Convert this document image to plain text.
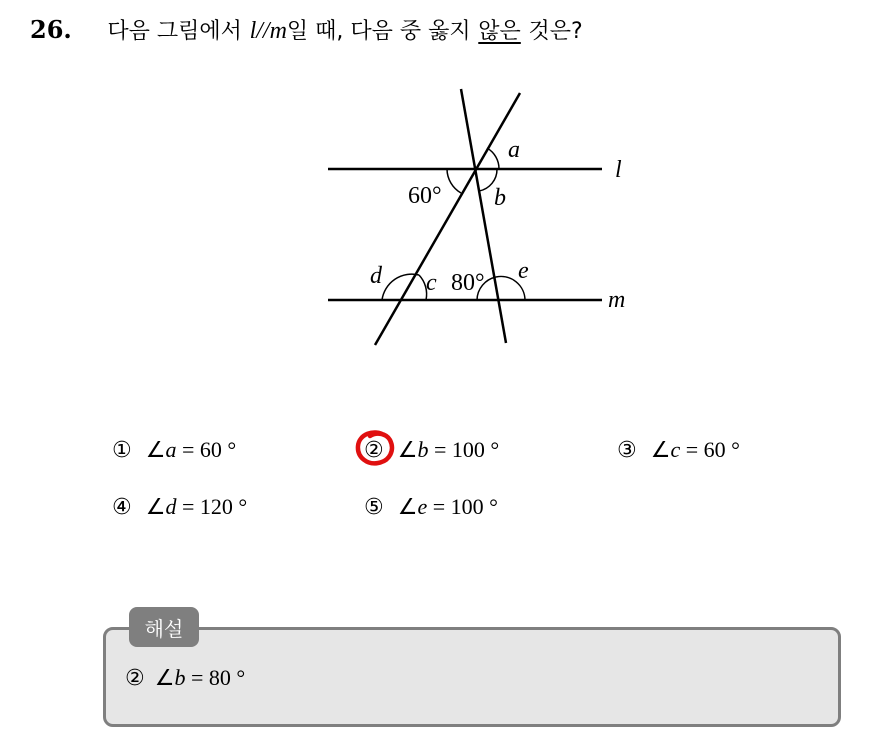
26. 다음 그림에서 l//m일 때, 다음 중 옳지 않은 것은?
a
60° b
l
d c 80° e
m
① ∠a = 60 °	② ∠b = 100 °	③ ∠c = 60 °
④ ∠d = 120 °	⑤ ∠e = 100 °
해설
② ∠b = 80 °
